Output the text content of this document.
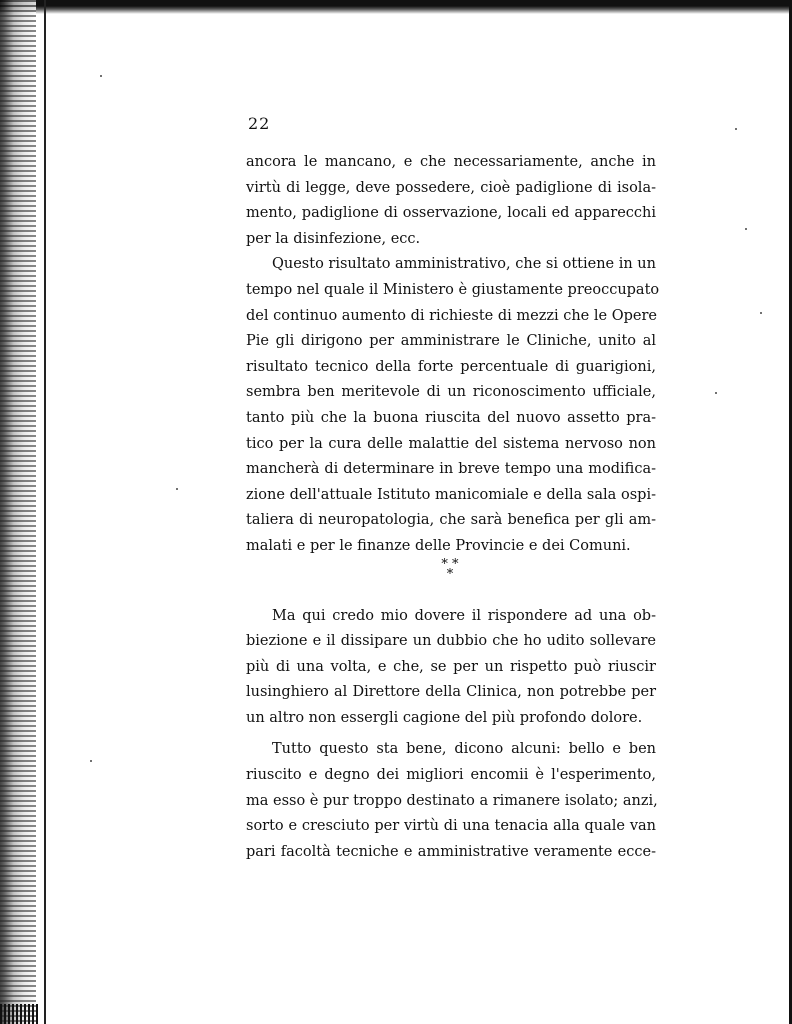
22
ancora le mancano, e che necessariamente, anche in
virtù di legge, deve possedere, cioè padiglione di isola-
mento, padiglione di osservazione, locali ed apparecchi
per la disinfezione, ecc.
Questo risultato amministrativo, che si ottiene in un
tempo nel quale il Ministero è giustamente preoccupato
del continuo aumento di richieste di mezzi che le Opere
Pie gli dirigono per amministrare le Cliniche, unito al
risultato tecnico della forte percentuale di guarigioni,
sembra ben meritevole di un riconoscimento ufficiale,
tanto più che la buona riuscita del nuovo assetto pra-
tico per la cura delle malattie del sistema nervoso non
mancherà di determinare in breve tempo una modifica-
zione dell'attuale Istituto manicomiale e della sala ospi-
taliera di neuropatologia, che sarà benefica per gli am-
malati e per le finanze delle Provincie e dei Comuni.
* * *
Ma qui credo mio dovere il rispondere ad una ob-
biezione e il dissipare un dubbio che ho udito sollevare
più di una volta, e che, se per un rispetto può riuscir
lusinghiero al Direttore della Clinica, non potrebbe per
un altro non essergli cagione del più profondo dolore.
Tutto questo sta bene, dicono alcuni: bello e ben
riuscito e degno dei migliori encomii è l'esperimento,
ma esso è pur troppo destinato a rimanere isolato; anzi,
sorto e cresciuto per virtù di una tenacia alla quale van
pari facoltà tecniche e amministrative veramente ecce-
